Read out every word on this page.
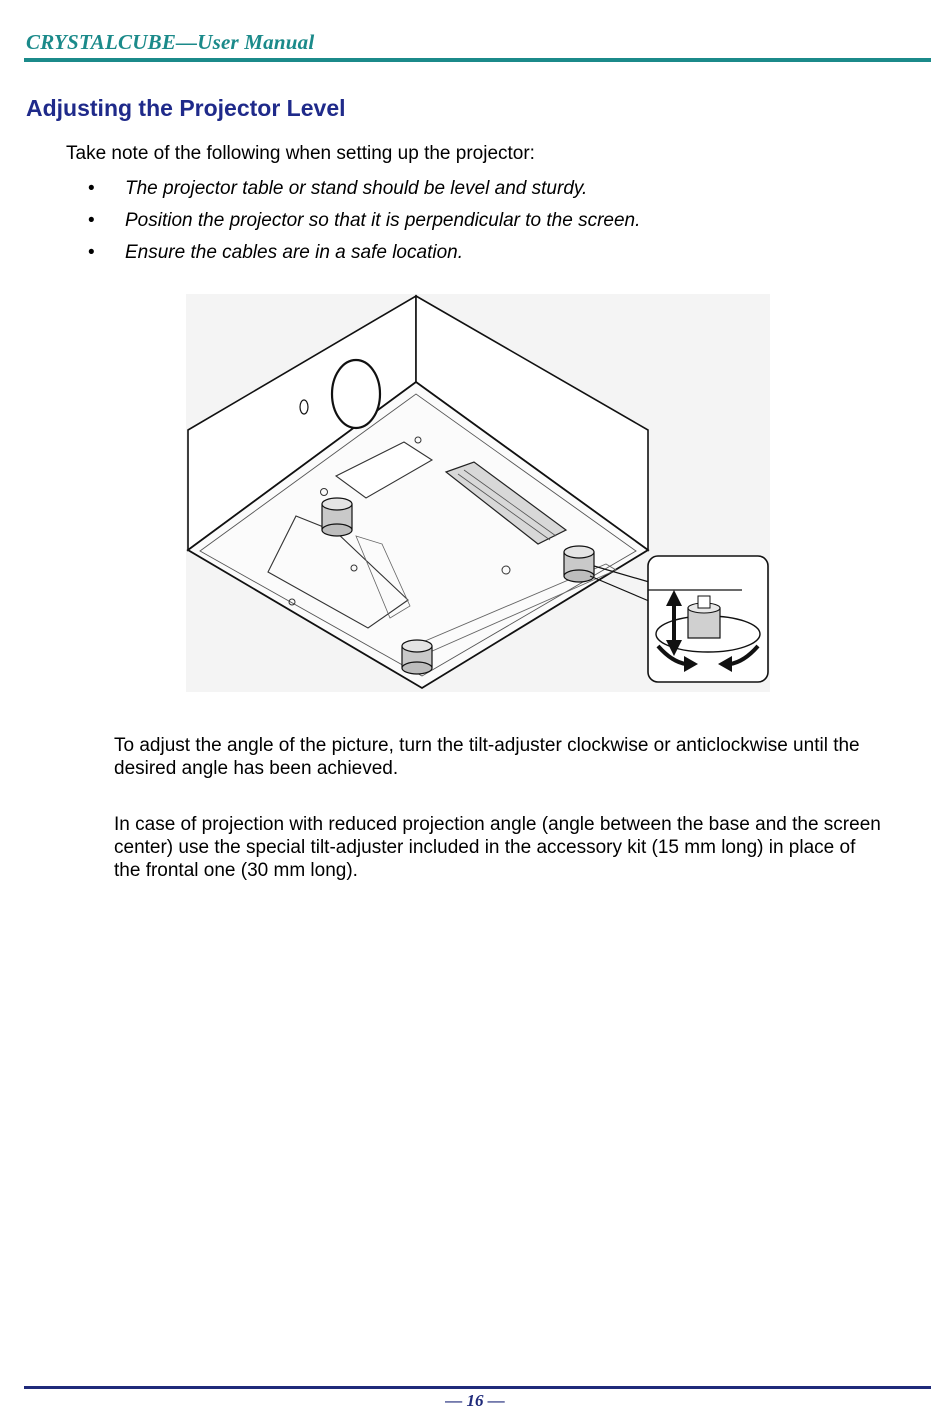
CRYSTALCUBE—User Manual
Adjusting the Projector Level
Take note of the following when setting up the projector:
•	The projector table or stand should be level and sturdy.
•	Position the projector so that it is perpendicular to the screen.
•	Ensure the cables are in a safe location.

To adjust the angle of the picture, turn the tilt-adjuster clockwise or anticlockwise until the desired angle has been achieved.

In case of projection with reduced projection angle (angle between the base and the screen center) use the special tilt-adjuster included in the accessory kit (15 mm long) in place of the frontal one (30 mm long).

— 16 —
